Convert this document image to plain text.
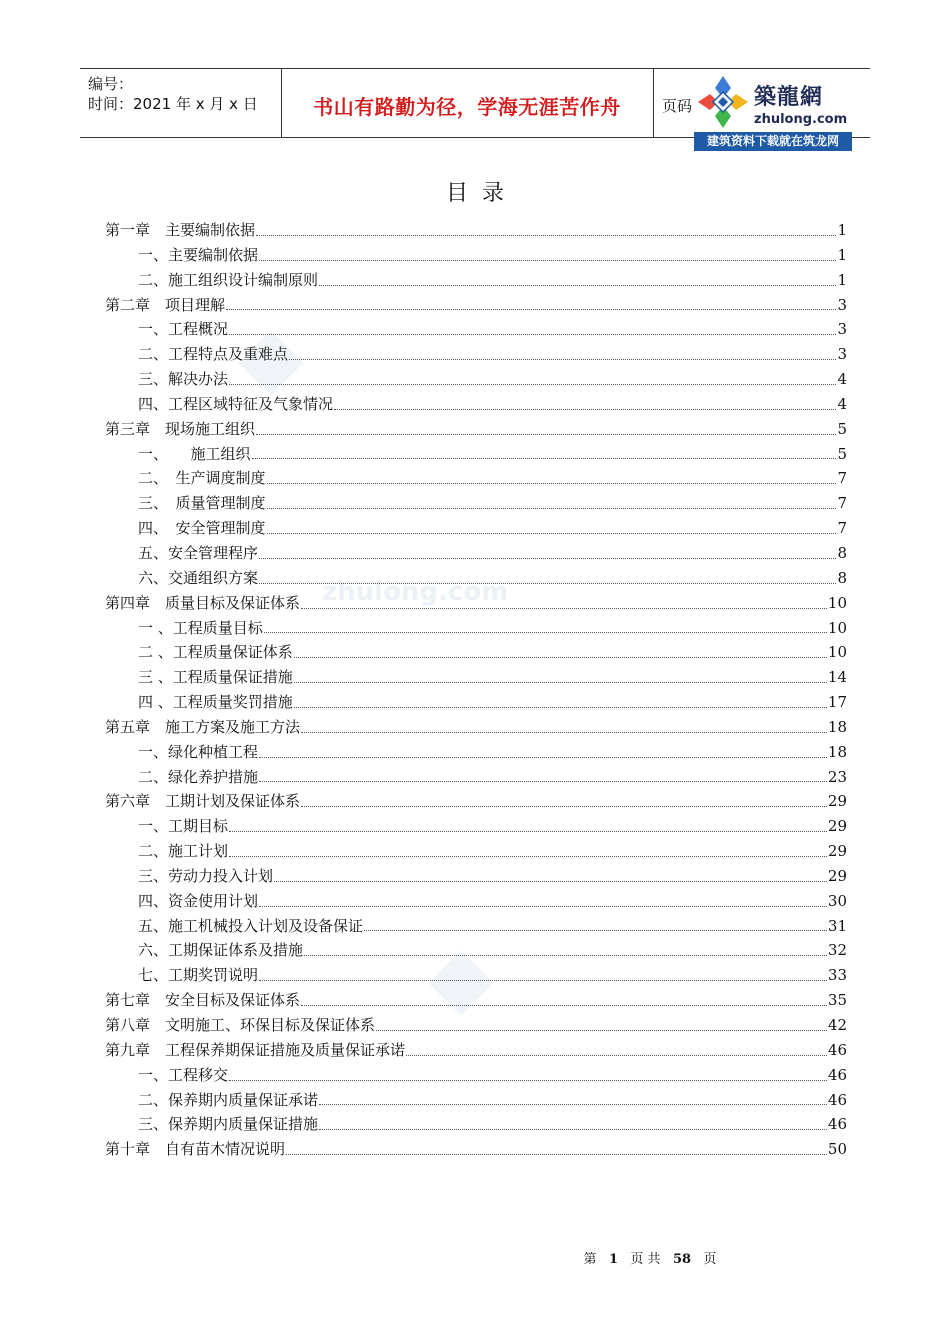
zhulong.com
编号：
时间：2021 年 x 月 x 日	书山有路勤为径，学海无涯苦作舟	页码	築龍網
zhulong.com
建筑资料下载就在筑龙网
目录
第一章　主要编制依据	1
一、主要编制依据	1
二、施工组织设计编制原则	1
第二章　项目理解	3
一、工程概况	3
二、工程特点及重难点	3
三、解决办法	4
四、工程区域特征及气象情况	4
第三章　现场施工组织	5
一、　　施工组织	5
二、　生产调度制度	7
三、　质量管理制度	7
四、　安全管理制度	7
五、安全管理程序	8
六、交通组织方案	8
第四章　质量目标及保证体系	10
一 、工程质量目标	10
二 、工程质量保证体系	10
三 、工程质量保证措施	14
四 、工程质量奖罚措施	17
第五章　施工方案及施工方法	18
一、绿化种植工程	18
二、绿化养护措施	23
第六章　工期计划及保证体系	29
一、工期目标	29
二、施工计划	29
三、劳动力投入计划	29
四、资金使用计划	30
五、施工机械投入计划及设备保证	31
六、工期保证体系及措施	32
七、工期奖罚说明	33
第七章　安全目标及保证体系	35
第八章　文明施工、环保目标及保证体系	42
第九章　工程保养期保证措施及质量保证承诺	46
一、工程移交	46
二、保养期内质量保证承诺	46
三、保养期内质量保证措施	46
第十章　自有苗木情况说明	50
第 1 页 共 58 页
